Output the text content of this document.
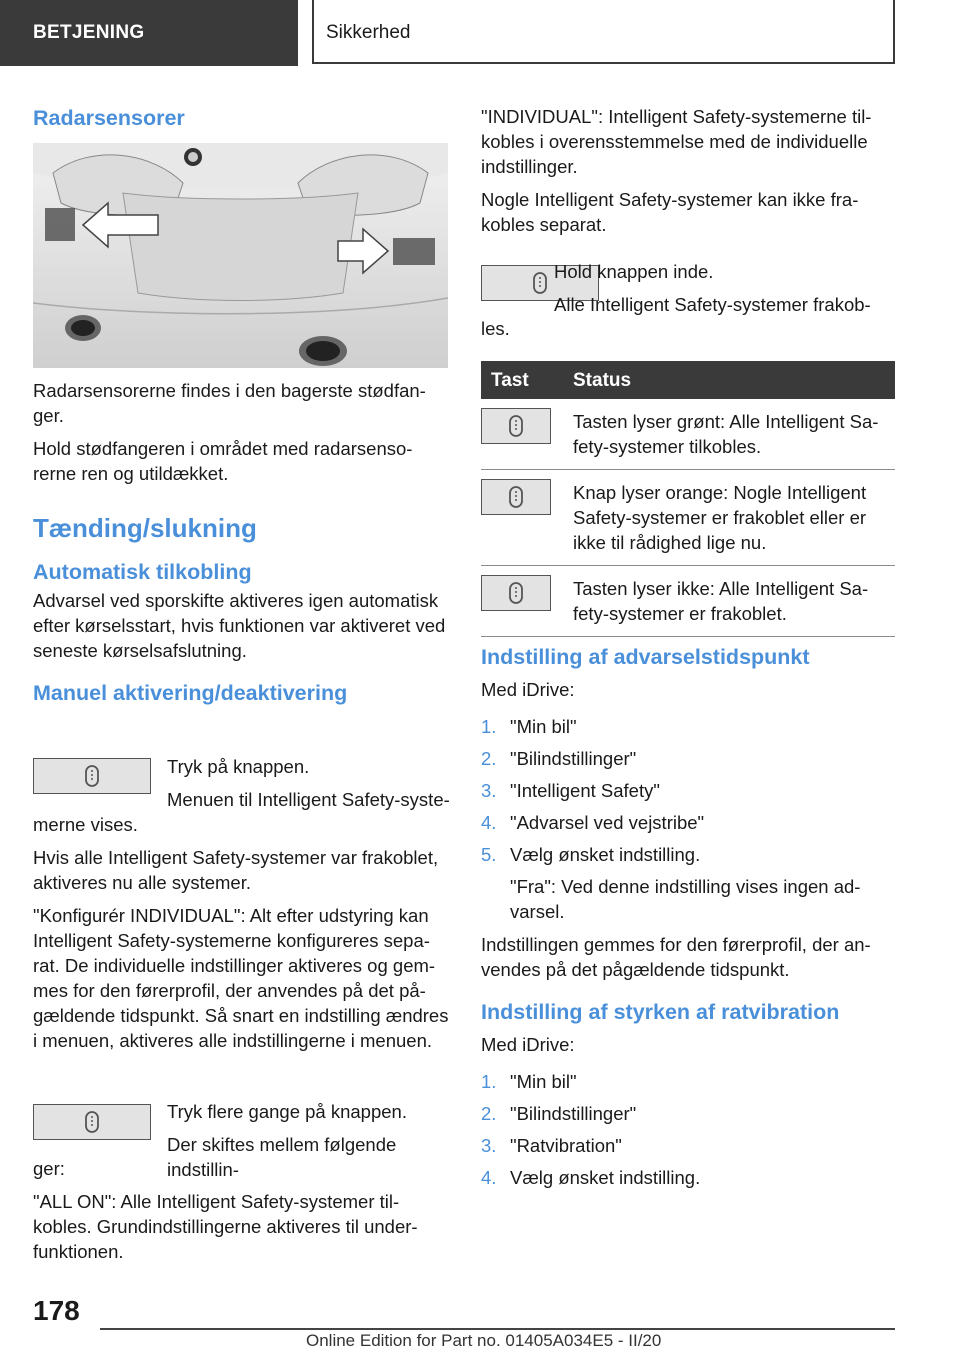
BETJENING	Sikkerhed
Radarsensorer

Radarsensorerne findes i den bagerste stødfan-ger.

Hold stødfangeren i området med radarsenso-rerne ren og utildækket.

Tænding/slukning
Automatisk tilkobling

Advarsel ved sporskifte aktiveres igen automatisk efter kørselsstart, hvis funktionen var aktiveret ved seneste kørselsafslutning.

Manuel aktivering/deaktivering

Tryk på knappen.

Menuen til Intelligent Safety-syste-

merne vises.

Hvis alle Intelligent Safety-systemer var frakoblet, aktiveres nu alle systemer.

"Konfigurér INDIVIDUAL": Alt efter udstyring kan Intelligent Safety-systemerne konfigureres sepa-rat. De individuelle indstillinger aktiveres og gem-mes for den førerprofil, der anvendes på det på-gældende tidspunkt. Så snart en indstilling ændres i menuen, aktiveres alle indstillingerne i menuen.

Tryk flere gange på knappen.

Der skiftes mellem følgende indstillin-

ger:

"ALL ON": Alle Intelligent Safety-systemer til-kobles. Grundindstillingerne aktiveres til under-funktionen.

"INDIVIDUAL": Intelligent Safety-systemerne til-kobles i overensstemmelse med de individuelle indstillinger.

Nogle Intelligent Safety-systemer kan ikke fra-kobles separat.

Hold knappen inde.

Alle Intelligent Safety-systemer frakob-

les.

Tast	Status

	Tasten lyser grønt: Alle Intelligent Sa-fety-systemer tilkobles.

	Knap lyser orange: Nogle Intelligent Safety-systemer er frakoblet eller er ikke til rådighed lige nu.

	Tasten lyser ikke: Alle Intelligent Sa-fety-systemer er frakoblet.
Indstilling af advarselstidspunkt

Med iDrive:

1. "Min bil"
2. "Bilindstillinger"
3. "Intelligent Safety"
4. "Advarsel ved vejstribe"
5. Vælg ønsket indstilling.
"Fra": Ved denne indstilling vises ingen ad-varsel.

Indstillingen gemmes for den førerprofil, der an-vendes på det pågældende tidspunkt.

Indstilling af styrken af ratvibration

Med iDrive:

1. "Min bil"
2. "Bilindstillinger"
3. "Ratvibration"
4. Vælg ønsket indstilling.
178
Online Edition for Part no. 01405A034E5 - II/20
